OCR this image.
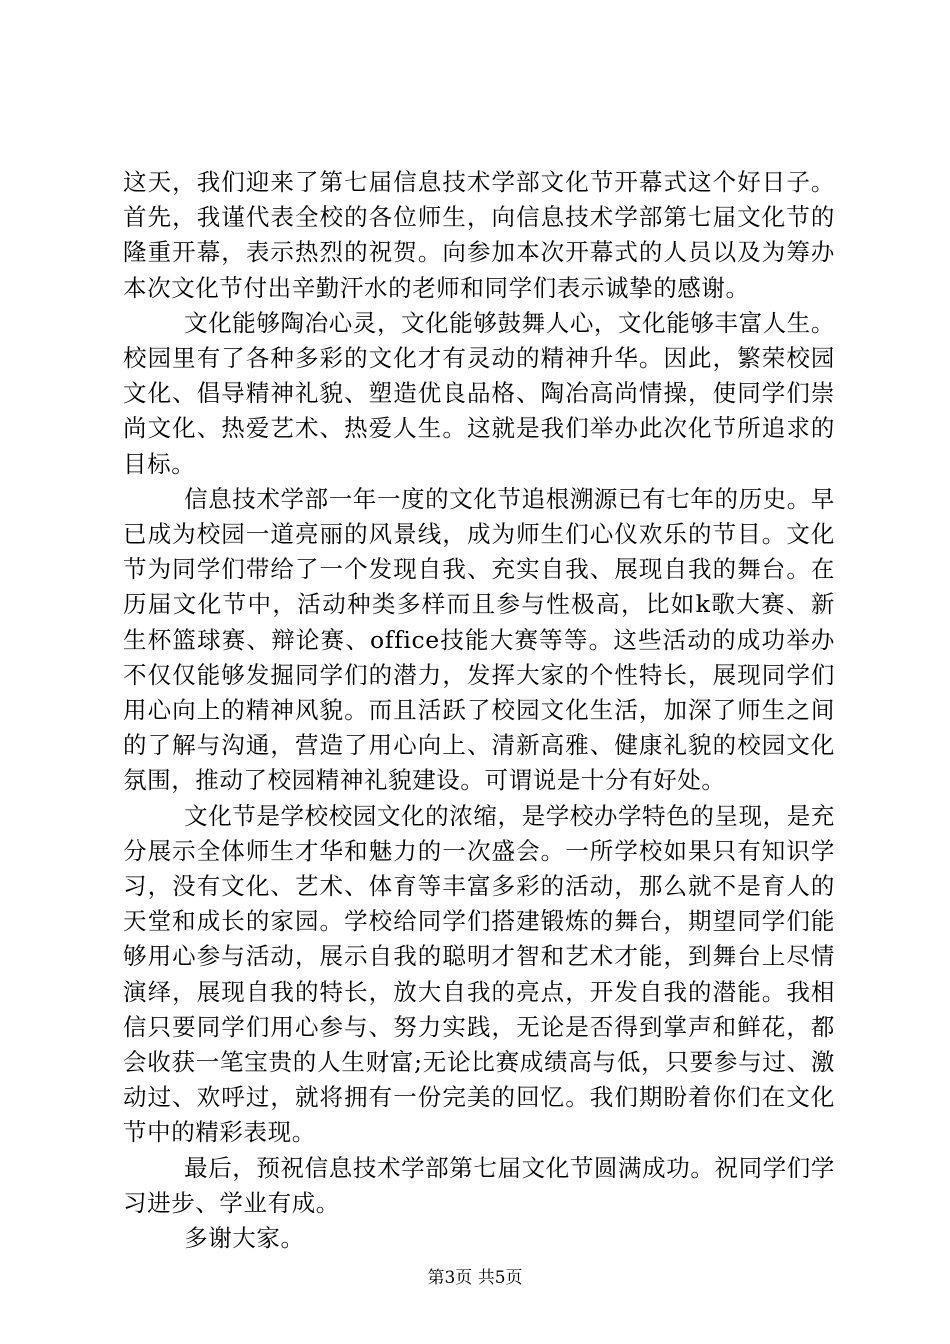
这天，我们迎来了第七届信息技术学部文化节开幕式这个好日子。首先，我谨代表全校的各位师生，向信息技术学部第七届文化节的隆重开幕，表示热烈的祝贺。向参加本次开幕式的人员以及为筹办本次文化节付出辛勤汗水的老师和同学们表示诚挚的感谢。

文化能够陶冶心灵，文化能够鼓舞人心，文化能够丰富人生。校园里有了各种多彩的文化才有灵动的精神升华。因此，繁荣校园文化、倡导精神礼貌、塑造优良品格、陶冶高尚情操，使同学们崇尚文化、热爱艺术、热爱人生。这就是我们举办此次化节所追求的目标。

信息技术学部一年一度的文化节追根溯源已有七年的历史。早已成为校园一道亮丽的风景线，成为师生们心仪欢乐的节目。文化节为同学们带给了一个发现自我、充实自我、展现自我的舞台。在历届文化节中，活动种类多样而且参与性极高，比如k歌大赛、新生杯篮球赛、辩论赛、office技能大赛等等。这些活动的成功举办不仅仅能够发掘同学们的潜力，发挥大家的个性特长，展现同学们用心向上的精神风貌。而且活跃了校园文化生活，加深了师生之间的了解与沟通，营造了用心向上、清新高雅、健康礼貌的校园文化氛围，推动了校园精神礼貌建设。可谓说是十分有好处。

文化节是学校校园文化的浓缩，是学校办学特色的呈现，是充分展示全体师生才华和魅力的一次盛会。一所学校如果只有知识学习，没有文化、艺术、体育等丰富多彩的活动，那么就不是育人的天堂和成长的家园。学校给同学们搭建锻炼的舞台，期望同学们能够用心参与活动，展示自我的聪明才智和艺术才能，到舞台上尽情演绎，展现自我的特长，放大自我的亮点，开发自我的潜能。我相信只要同学们用心参与、努力实践，无论是否得到掌声和鲜花，都会收获一笔宝贵的人生财富;无论比赛成绩高与低，只要参与过、激动过、欢呼过，就将拥有一份完美的回忆。我们期盼着你们在文化节中的精彩表现。

最后，预祝信息技术学部第七届文化节圆满成功。祝同学们学习进步、学业有成。

多谢大家。

第3页 共5页
